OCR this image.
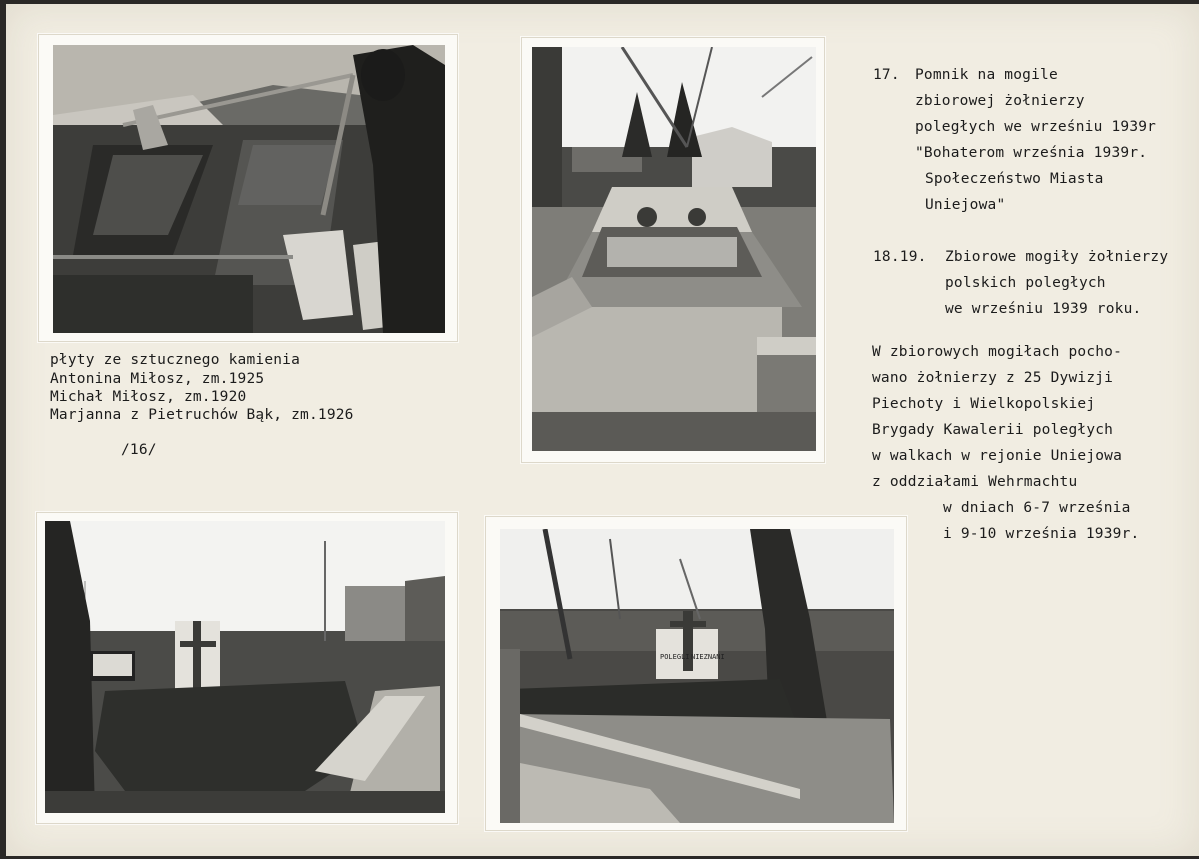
płyty ze sztucznego kamienia
Antonina Miłosz, zm.1925
Michał Miłosz, zm.1920
Marjanna z Pietruchów Bąk, zm.1926
/16/
17. Pomnik na mogile
zbiorowej żołnierzy
poległych we wrześniu 1939r
"Bohaterom września 1939r.
Społeczeństwo Miasta
Uniejowa"
18.19. Zbiorowe mogiły żołnierzy
polskich poległych
we wrześniu 1939 roku.
W zbiorowych mogiłach pocho-
wano żołnierzy z 25 Dywizji
Piechoty i Wielkopolskiej
Brygady Kawalerii poległych
w walkach w rejonie Uniejowa
z oddziałami Wehrmachtu
w dniach 6-7 września
i 9-10 września 1939r.
POLEGLI NIEZNANI
